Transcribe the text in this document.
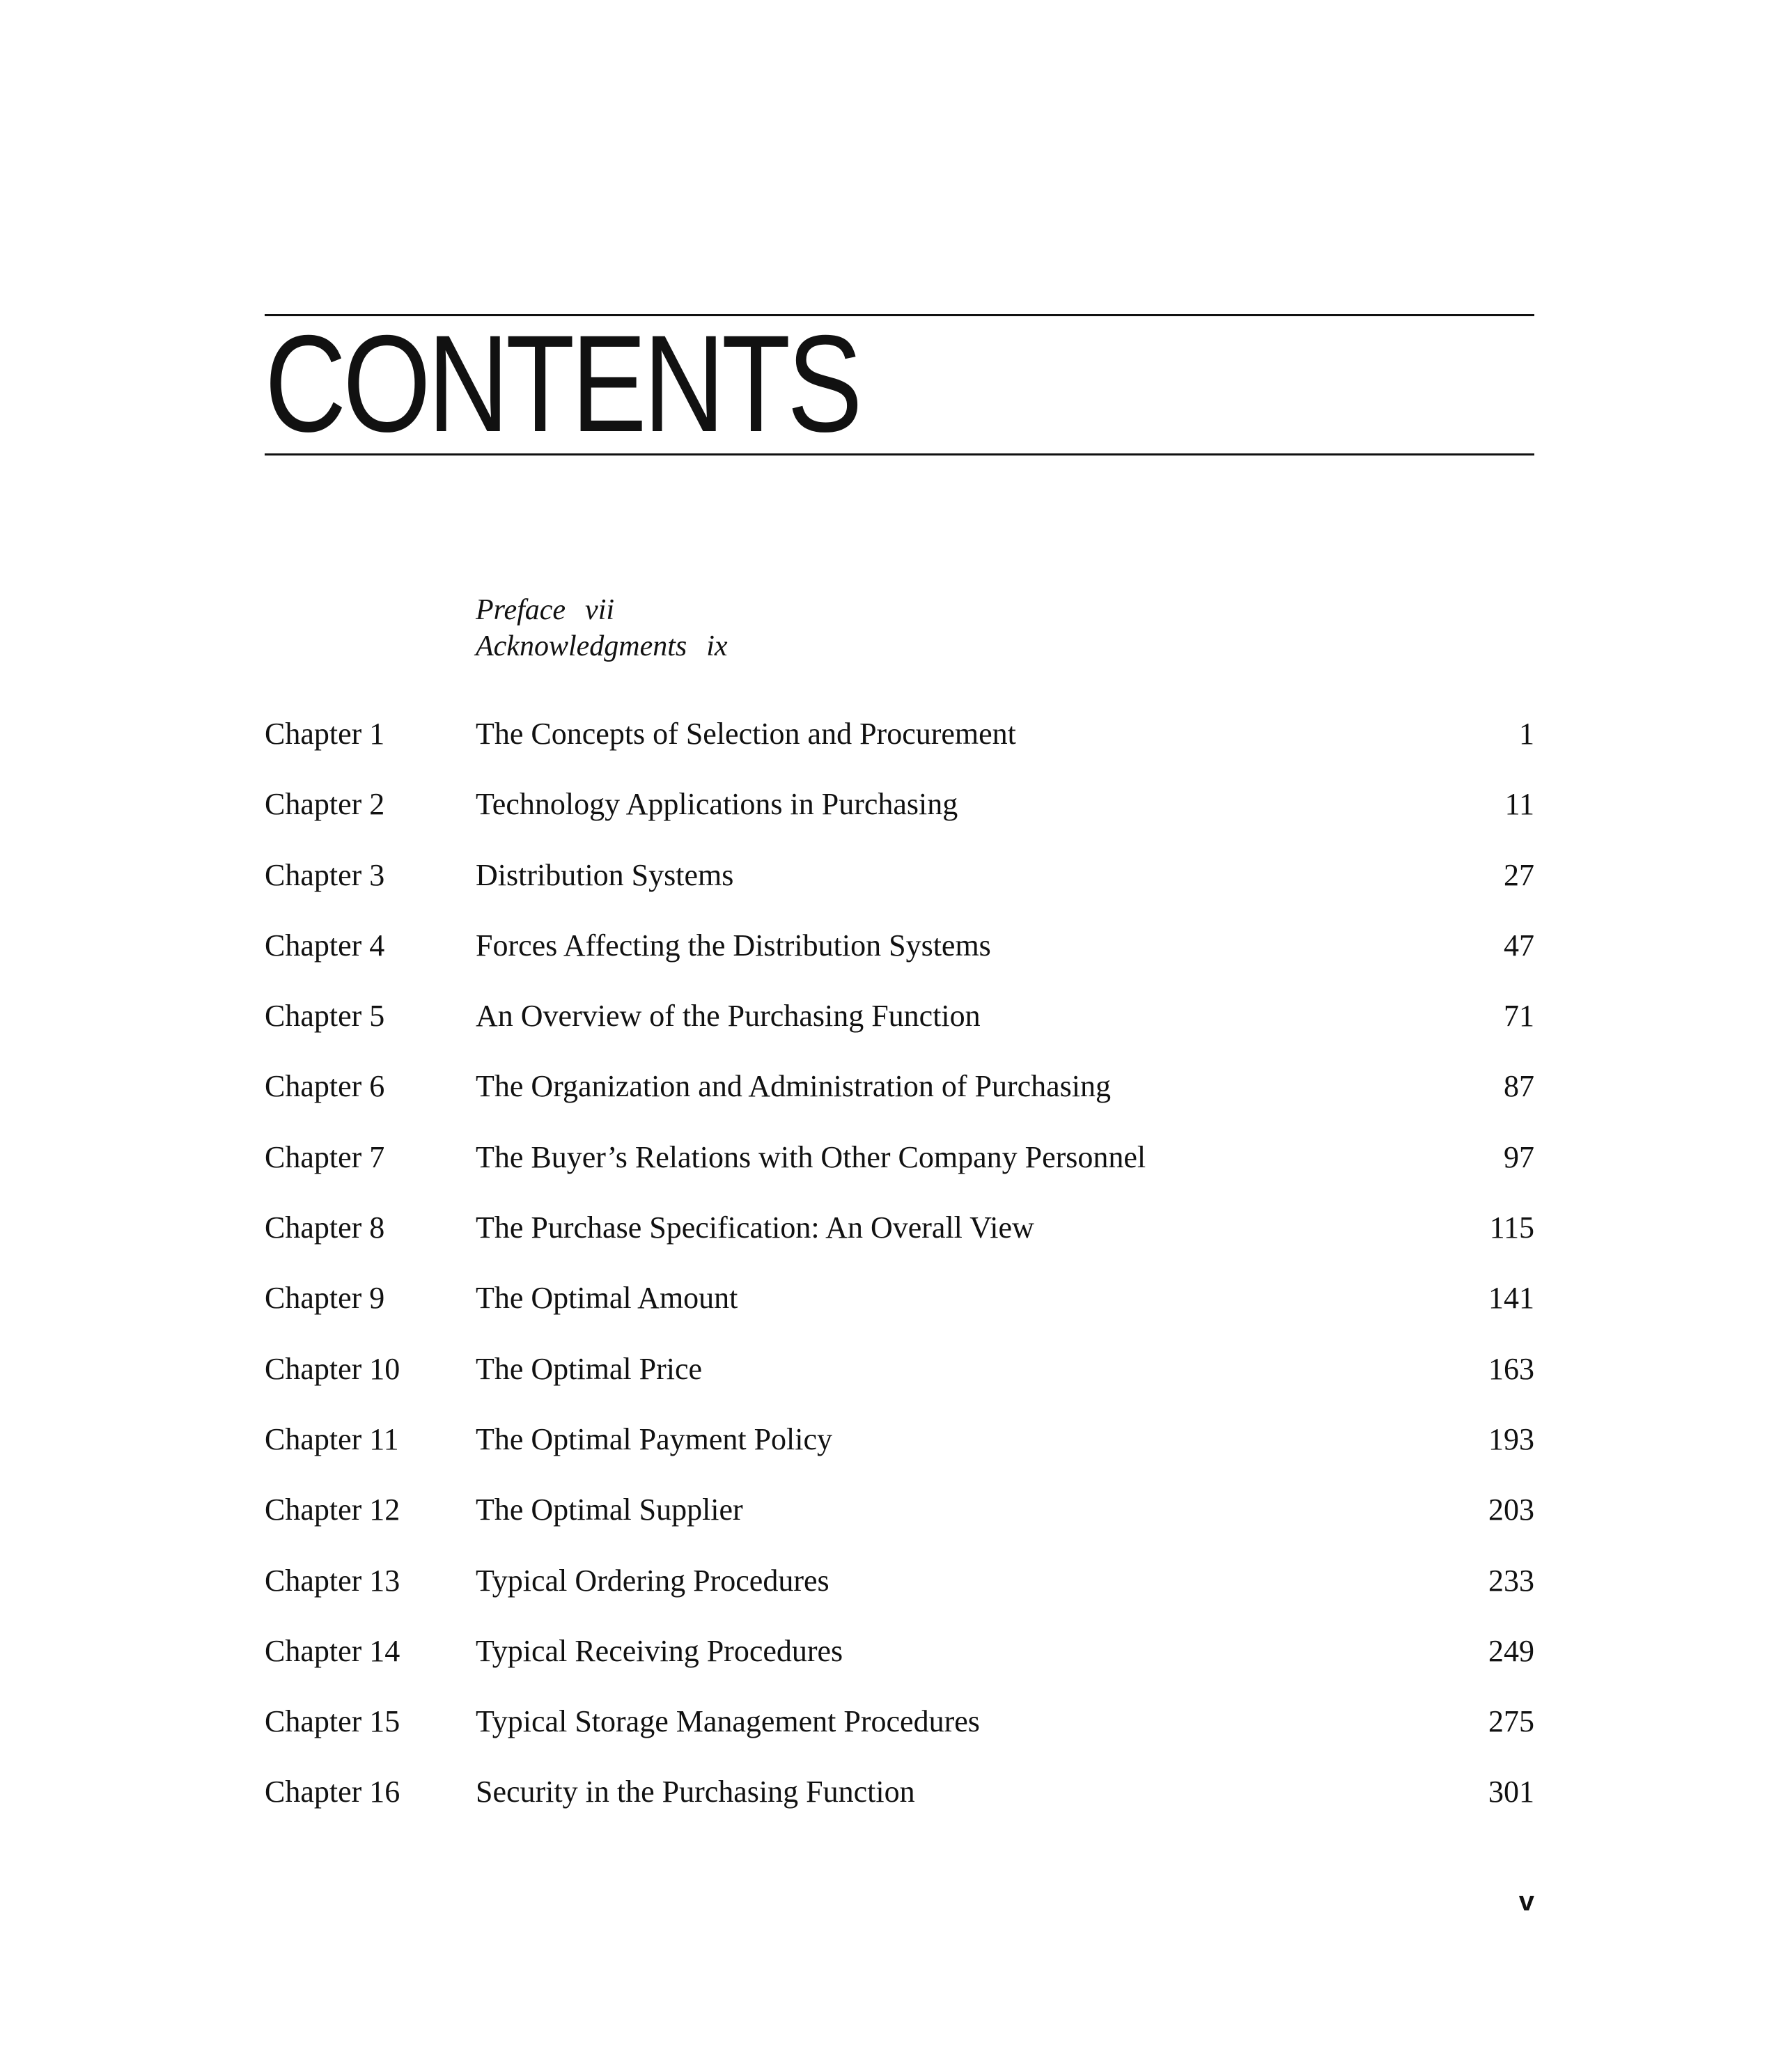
CONTENTS
Preface vii
Acknowledgments ix
Chapter 1	The Concepts of Selection and Procurement	1
Chapter 2	Technology Applications in Purchasing	11
Chapter 3	Distribution Systems	27
Chapter 4	Forces Affecting the Distribution Systems	47
Chapter 5	An Overview of the Purchasing Function	71
Chapter 6	The Organization and Administration of Purchasing	87
Chapter 7	The Buyer’s Relations with Other Company Personnel	97
Chapter 8	The Purchase Specification: An Overall View	115
Chapter 9	The Optimal Amount	141
Chapter 10 The Optimal Price	163
Chapter 11	The Optimal Payment Policy	193
Chapter 12 The Optimal Supplier	203
Chapter 13 Typical Ordering Procedures	233
Chapter 14 Typical Receiving Procedures	249
Chapter 15 Typical Storage Management Procedures	275
Chapter 16 Security in the Purchasing Function	301
v
